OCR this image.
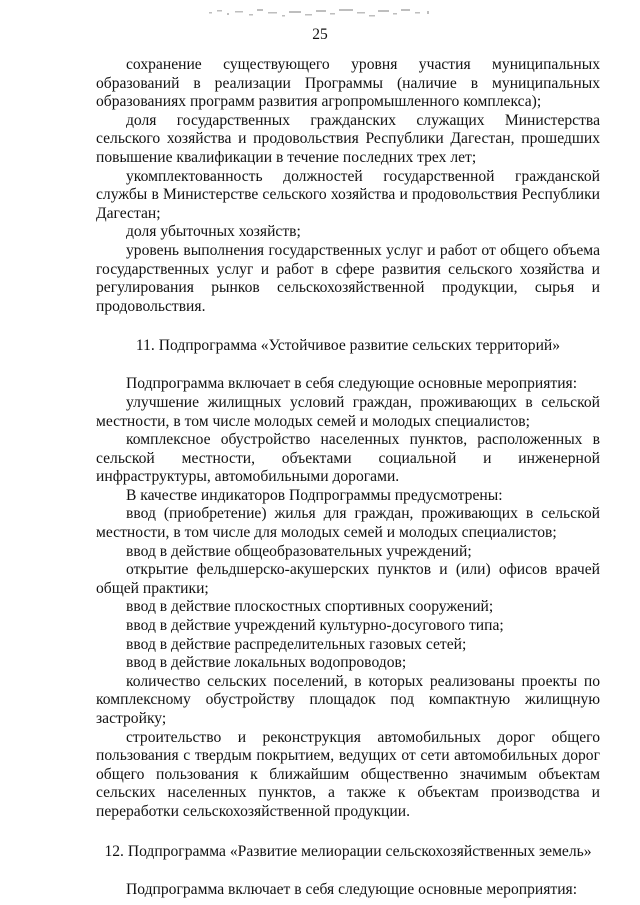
25

сохранение существующего уровня участия муниципальных образований в реализации Программы (наличие в муниципальных образованиях программ развития агропромышленного комплекса);

доля государственных гражданских служащих Министерства сельского хозяйства и продовольствия Республики Дагестан, прошедших повышение квалификации в течение последних трех лет;

укомплектованность должностей государственной гражданской службы в Министерстве сельского хозяйства и продовольствия Республики Дагестан;

доля убыточных хозяйств;

уровень выполнения государственных услуг и работ от общего объема государственных услуг и работ в сфере развития сельского хозяйства и регулирования рынков сельскохозяйственной продукции, сырья и продовольствия.

11. Подпрограмма «Устойчивое развитие сельских территорий»

Подпрограмма включает в себя следующие основные мероприятия:

улучшение жилищных условий граждан, проживающих в сельской местности, в том числе молодых семей и молодых специалистов;

комплексное обустройство населенных пунктов, расположенных в сельской местности, объектами социальной и инженерной инфраструктуры, автомобильными дорогами.

В качестве индикаторов Подпрограммы предусмотрены:

ввод (приобретение) жилья для граждан, проживающих в сельской местности, в том числе для молодых семей и молодых специалистов;

ввод в действие общеобразовательных учреждений;

открытие фельдшерско-акушерских пунктов и (или) офисов врачей общей практики;

ввод в действие плоскостных спортивных сооружений;

ввод в действие учреждений культурно-досугового типа;

ввод в действие распределительных газовых сетей;

ввод в действие локальных водопроводов;

количество сельских поселений, в которых реализованы проекты по комплексному обустройству площадок под компактную жилищную застройку;

строительство и реконструкция автомобильных дорог общего пользования с твердым покрытием, ведущих от сети автомобильных дорог общего пользования к ближайшим общественно значимым объектам сельских населенных пунктов, а также к объектам производства и переработки сельскохозяйственной продукции.

12. Подпрограмма «Развитие мелиорации сельскохозяйственных земель»

Подпрограмма включает в себя следующие основные мероприятия:
